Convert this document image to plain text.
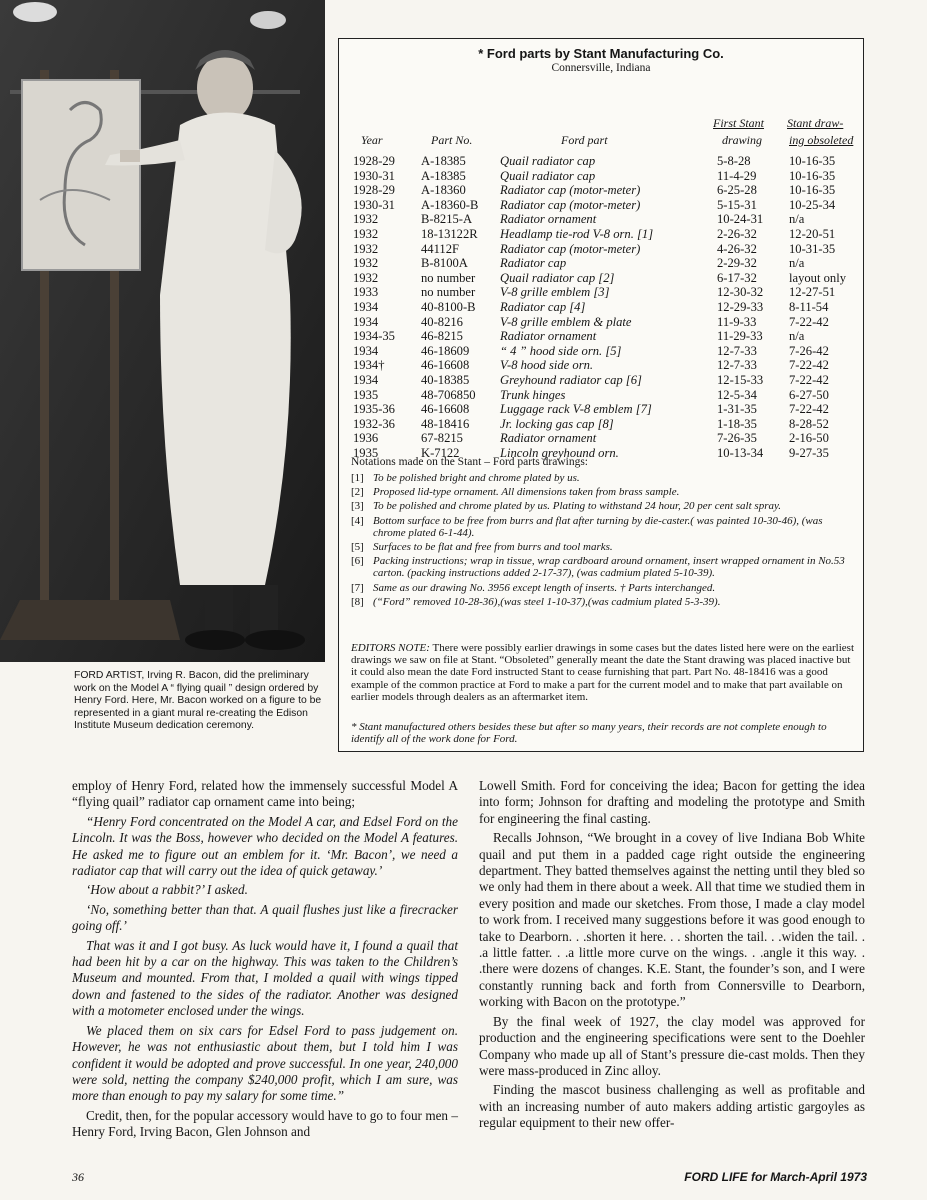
FORD ARTIST, Irving R. Bacon, did the preliminary work on the Model A “ flying quail ” design ordered by Henry Ford. Here, Mr. Bacon worked on a figure to be represented in a giant mural re-creating the Edison Institute Museum dedication ceremony.
* Ford parts by Stant Manufacturing Co.
Connersville, Indiana
Year	Part No.	Ford part
First Stant
drawing
Stant draw-
ing obsoleted
1928-29 A-18385	Quail radiator cap	5-8-28	10-16-35
1930-31 A-18385	Quail radiator cap	11-4-29	10-16-35
1928-29 A-18360	Radiator cap (motor-meter)	6-25-28	10-16-35
1930-31 A-18360-B Radiator cap (motor-meter)	5-15-31	10-25-34
1932	B-8215-A Radiator ornament	10-24-31 n/a
1932	18-13122R Headlamp tie-rod V-8 orn. [1]	2-26-32	12-20-51
1932	44112F	Radiator cap (motor-meter)	4-26-32	10-31-35
1932	B-8100A	Radiator cap	2-29-32	n/a
1932	no number Quail radiator cap [2]	6-17-32	layout only
1933	no number V-8 grille emblem [3]	12-30-32 12-27-51
1934	40-8100-B Radiator cap [4]	12-29-33 8-11-54
1934	40-8216	V-8 grille emblem & plate	11-9-33	7-22-42
1934-35 46-8215	Radiator ornament	11-29-33 n/a
1934	46-18609 “ 4 ” hood side orn. [5]	12-7-33	7-26-42
1934†	46-16608 V-8 hood side orn.	12-7-33	7-22-42
1934	40-18385 Greyhound radiator cap [6]	12-15-33 7-22-42
1935	48-706850 Trunk hinges	12-5-34	6-27-50
1935-36 46-16608 Luggage rack V-8 emblem [7]	1-31-35	7-22-42
1932-36 48-18416 Jr. locking gas cap [8]	1-18-35	8-28-52
1936	67-8215	Radiator ornament	7-26-35	2-16-50
1935	K-7122	Lincoln greyhound orn.	10-13-34 9-27-35
Notations made on the Stant – Ford parts drawings:
[1] To be polished bright and chrome plated by us.
[2] Proposed lid-type ornament. All dimensions taken from brass sample.
[3] To be polished and chrome plated by us. Plating to withstand 24 hour, 20 per cent salt spray.
[4] Bottom surface to be free from burrs and flat after turning by die-caster.( was painted 10-30-46), (was chrome plated 6-1-44).
[5] Surfaces to be flat and free from burrs and tool marks.
[6] Packing instructions; wrap in tissue, wrap cardboard around ornament, insert wrapped ornament in No.53 carton. (packing instructions added 2-17-37), (was cadmium plated 5-10-39).
[7] Same as our drawing No. 3956 except length of inserts. † Parts interchanged.
[8] (“Ford” removed 10-28-36),(was steel 1-10-37),(was cadmium plated 5-3-39).
EDITORS NOTE: There were possibly earlier drawings in some cases but the dates listed here were on the earliest drawings we saw on file at Stant. “Obsoleted” generally meant the date the Stant drawing was placed inactive but it could also mean the date Ford instructed Stant to cease furnishing that part. Part No. 48-18416 was a good example of the common practice at Ford to make a part for the current model and to make that part available on earlier models through dealers as an aftermarket item.
* Stant manufactured others besides these but after so many years, their records are not complete enough to identify all of the work done for Ford.

employ of Henry Ford, related how the immensely successful Model A “flying quail” radiator cap ornament came into being;

“Henry Ford concentrated on the Model A car, and Edsel Ford on the Lincoln. It was the Boss, however who decided on the Model A features. He asked me to figure out an emblem for it. ‘Mr. Bacon’, we need a radiator cap that will carry out the idea of quick getaway.’

‘How about a rabbit?’ I asked.

‘No, something better than that. A quail flushes just like a firecracker going off.’

That was it and I got busy. As luck would have it, I found a quail that had been hit by a car on the highway. This was taken to the Children’s Museum and mounted. From that, I molded a quail with wings tipped down and fastened to the sides of the radiator. Another was designed with a motometer enclosed under the wings.

We placed them on six cars for Edsel Ford to pass judgement on. However, he was not enthusiastic about them, but I told him I was confident it would be adopted and prove successful. In one year, 240,000 were sold, netting the company $240,000 profit, which I am sure, was more than enough to pay my salary for some time.”

Credit, then, for the popular accessory would have to go to four men – Henry Ford, Irving Bacon, Glen Johnson and

Lowell Smith. Ford for conceiving the idea; Bacon for getting the idea into form; Johnson for drafting and modeling the prototype and Smith for engineering the final casting.

Recalls Johnson, “We brought in a covey of live Indiana Bob White quail and put them in a padded cage right outside the engineering department. They batted themselves against the netting until they bled so we only had them in there about a week. All that time we studied them in every position and made our sketches. From those, I made a clay model to work from. I received many suggestions before it was good enough to take to Dearborn. . .shorten it here. . . shorten the tail. . .widen the tail. . .a little fatter. . .a little more curve on the wings. . .angle it this way. . .there were dozens of changes. K.E. Stant, the founder’s son, and I were constantly running back and forth from Connersville to Dearborn, working with Bacon on the prototype.”

By the final week of 1927, the clay model was approved for production and the engineering specifications were sent to the Doehler Company who made up all of Stant’s pressure die-cast molds. Then they were mass-produced in Zinc alloy.

Finding the mascot business challenging as well as profitable and with an increasing number of auto makers adding artistic gargoyles as regular equipment to their new offer-

36	FORD LIFE for March-April 1973
